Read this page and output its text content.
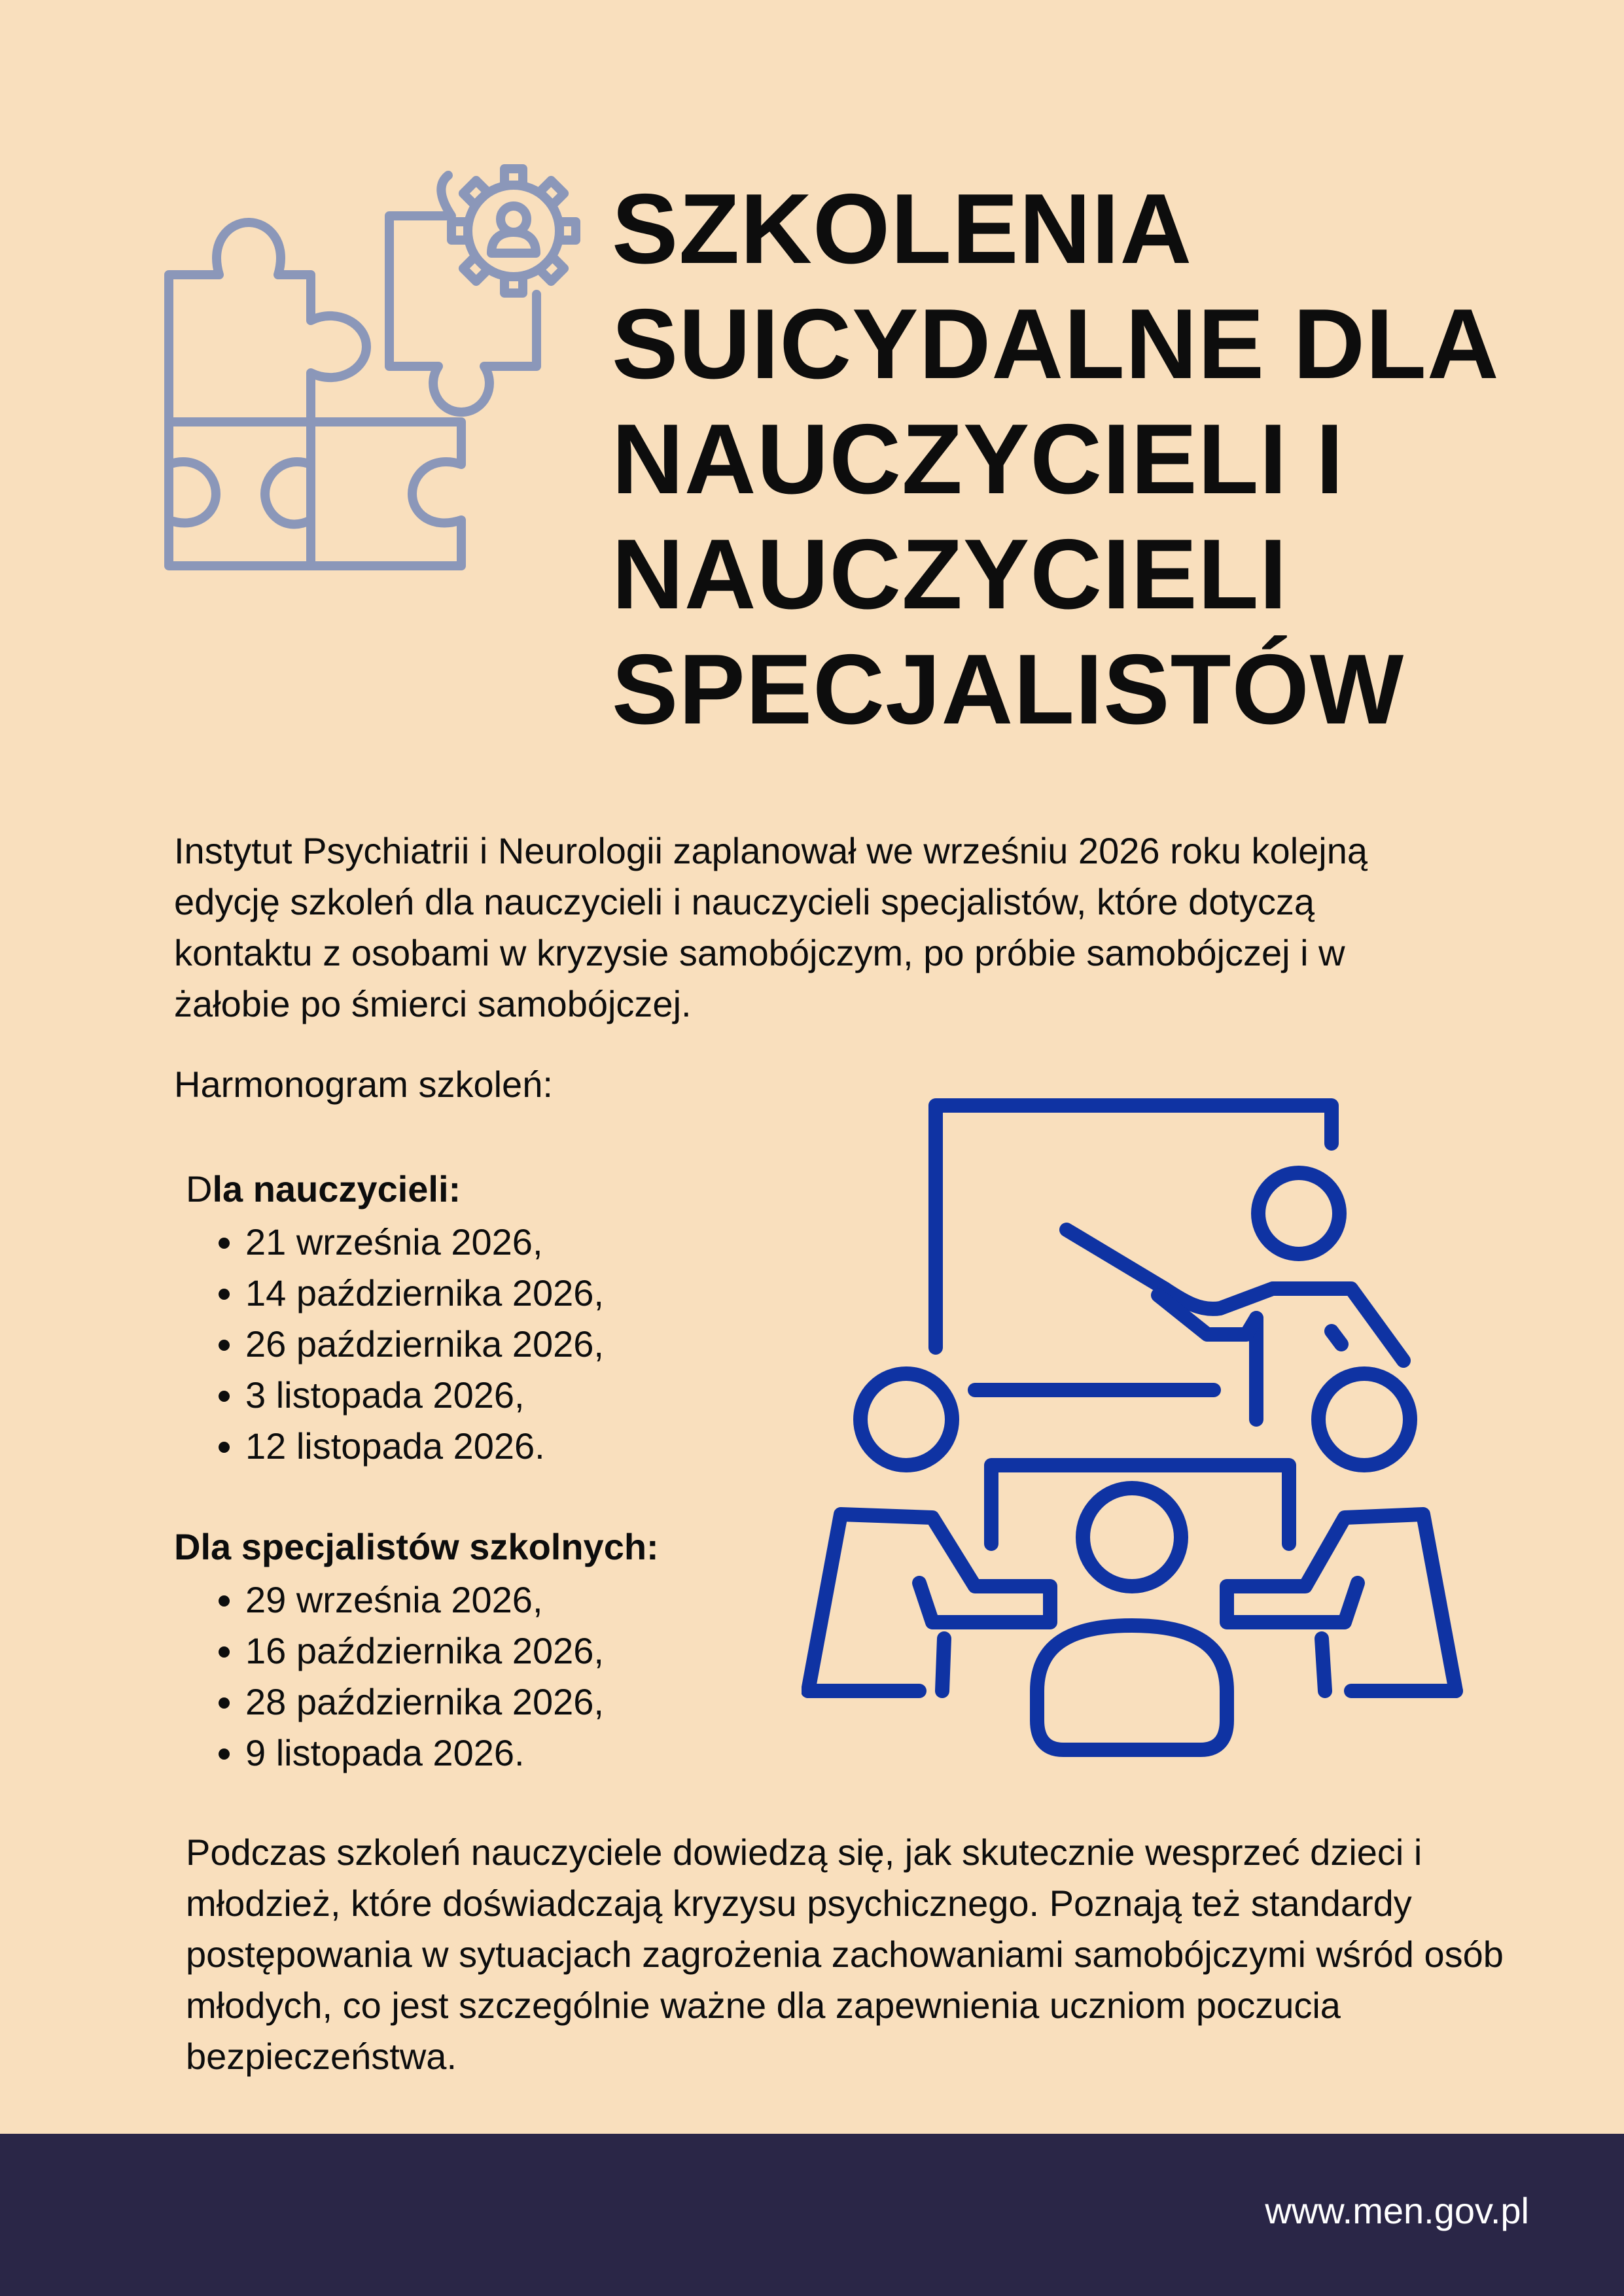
SZKOLENIA
SUICYDALNE DLA
NAUCZYCIELI I
NAUCZYCIELI
SPECJALISTÓW

Instytut Psychiatrii i Neurologii zaplanował we wrześniu 2026 roku kolejną edycję szkoleń dla nauczycieli i nauczycieli specjalistów, które dotyczą kontaktu z osobami w kryzysie samobójczym, po próbie samobójczej i w żałobie po śmierci samobójczej.

Harmonogram szkoleń:

Dla nauczycieli:

• 21 września 2026,
• 14 października 2026,
• 26 października 2026,
• 3 listopada 2026,
• 12 listopada 2026.

Dla specjalistów szkolnych:

• 29 września 2026,
• 16 października 2026,
• 28 października 2026,
• 9 listopada 2026.

Podczas szkoleń nauczyciele dowiedzą się, jak skutecznie wesprzeć dzieci i młodzież, które doświadczają kryzysu psychicznego. Poznają też standardy postępowania w sytuacjach zagrożenia zachowaniami samobójczymi wśród osób młodych, co jest szczególnie ważne dla zapewnienia uczniom poczucia bezpieczeństwa.

www.men.gov.pl
